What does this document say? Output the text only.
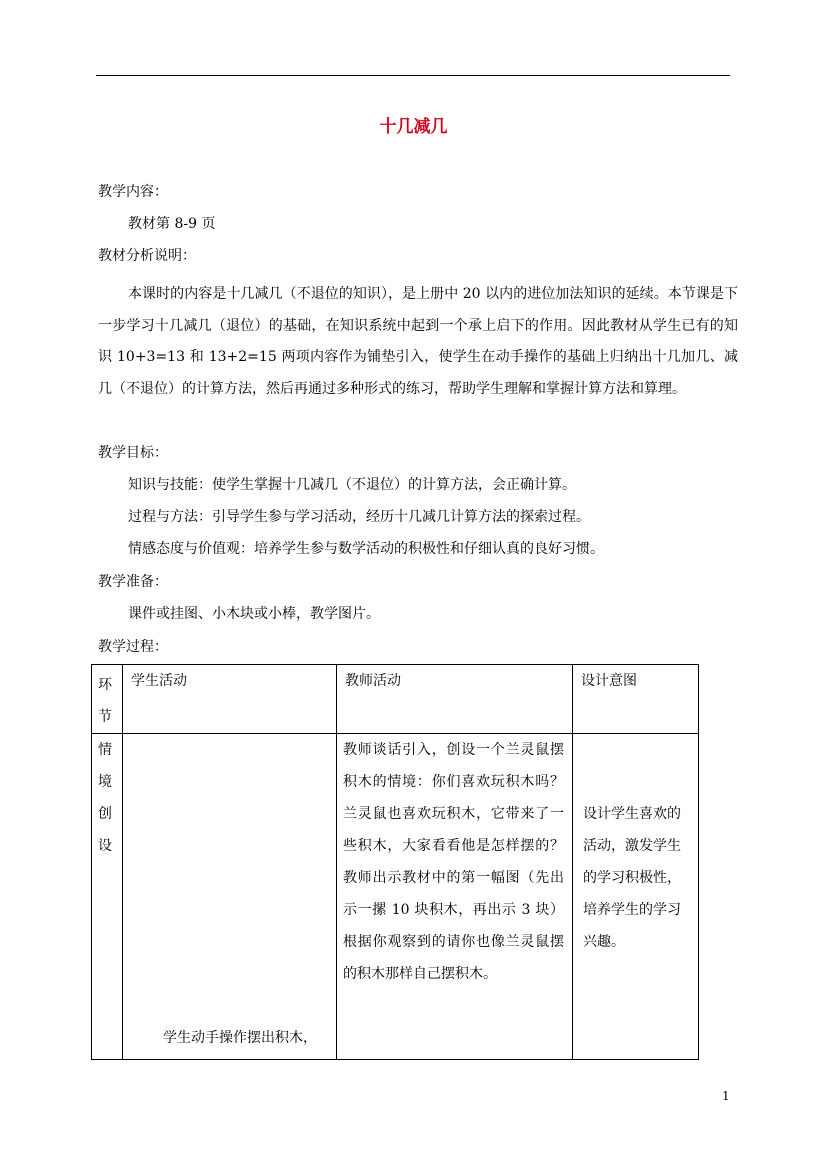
十几减几
教学内容：
教材第 8-9 页
教材分析说明：
本课时的内容是十几减几（不退位的知识），是上册中 20 以内的进位加法知识的延续。本节课是下一步学习十几减几（退位）的基础，在知识系统中起到一个承上启下的作用。因此教材从学生已有的知识 10+3=13 和 13+2=15 两项内容作为铺垫引入，使学生在动手操作的基础上归纳出十几加几、减几（不退位）的计算方法，然后再通过多种形式的练习，帮助学生理解和掌握计算方法和算理。
教学目标：
知识与技能：使学生掌握十几减几（不退位）的计算方法，会正确计算。
过程与方法：引导学生参与学习活动，经历十几减几计算方法的探索过程。
情感态度与价值观：培养学生参与数学活动的积极性和仔细认真的良好习惯。
教学准备：
课件或挂图、小木块或小棒，教学图片。
教学过程：
环节	学生活动	教师活动	设计意图

情境创设	学生动手操作摆出积木，	教师谈话引入，创设一个兰灵鼠摆积木的情境：你们喜欢玩积木吗？兰灵鼠也喜欢玩积木，它带来了一些积木，大家看看他是怎样摆的？教师出示教材中的第一幅图（先出示一摞 10 块积木，再出示 3 块）根据你观察到的请你也像兰灵鼠摆的积木那样自己摆积木。	设计学生喜欢的活动，激发学生的学习积极性，培养学生的学习兴趣。
1
